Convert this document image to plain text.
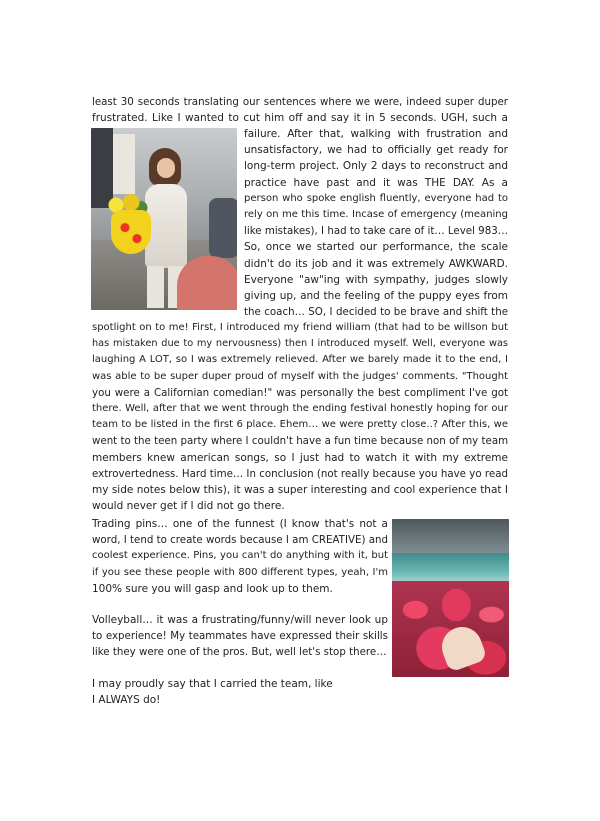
least 30 seconds translating our sentences where we were, indeed super duper
frustrated. Like I wanted to cut him off and say it in 5 seconds. UGH, such a
failure. After that, walking with frustration and
unsatisfactory, we had to officially get ready for
long-term project. Only 2 days to reconstruct and
practice have past and it was THE DAY. As a
person who spoke english fluently, everyone had to
rely on me this time. Incase of emergency (meaning
like mistakes), I had to take care of it… Level 983…
So, once we started our performance, the scale
didn't do its job and it was extremely AWKWARD.
Everyone "aw"ing with sympathy, judges slowly
giving up, and the feeling of the puppy eyes from
the coach… SO, I decided to be brave and shift the
spotlight on to me! First, I introduced my friend william (that had to be willson but
has mistaken due to my nervousness) then I introduced myself. Well, everyone was
laughing A LOT, so I was extremely relieved. After we barely made it to the end, I
was able to be super duper proud of myself with the judges' comments. "Thought
you were a Californian comedian!" was personally the best compliment I've got
there. Well, after that we went through the ending festival honestly hoping for our
team to be listed in the first 6 place. Ehem… we were pretty close..? After this, we
went to the teen party where I couldn't have a fun time because non of my team
members knew american songs, so I just had to watch it with my extreme
extrovertedness. Hard time… In conclusion (not really because you have yo read
my side notes below this), it was a super interesting and cool experience that I
would never get if I did not go there.
Trading pins… one of the funnest (I know that's not a
word, I tend to create words because I am CREATIVE) and
coolest experience. Pins, you can't do anything with it, but
if you see these people with 800 different types, yeah, I'm
100% sure you will gasp and look up to them.
Volleyball… it was a frustrating/funny/will never look up
to experience! My teammates have expressed their skills
like they were one of the pros. But, well let's stop there…
I may proudly say that I carried the team, like
I ALWAYS do!
